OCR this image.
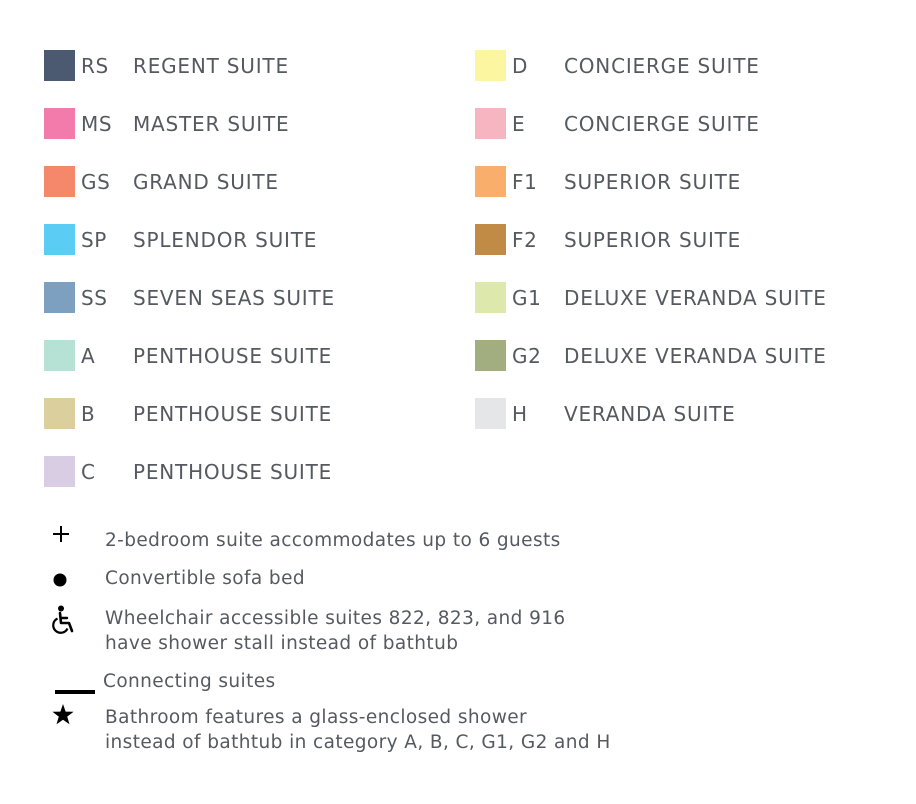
RS REGENT SUITE
MS MASTER SUITE
GS GRAND SUITE
SP SPLENDOR SUITE
SS SEVEN SEAS SUITE
A PENTHOUSE SUITE
B PENTHOUSE SUITE
C PENTHOUSE SUITE
D CONCIERGE SUITE
E CONCIERGE SUITE
F1 SUPERIOR SUITE
F2 SUPERIOR SUITE
G1 DELUXE VERANDA SUITE
G2 DELUXE VERANDA SUITE
H VERANDA SUITE
2-bedroom suite accommodates up to 6 guests
Convertible sofa bed
Wheelchair accessible suites 822, 823, and 916
have shower stall instead of bathtub
Connecting suites
Bathroom features a glass-enclosed shower
instead of bathtub in category A, B, C, G1, G2 and H
